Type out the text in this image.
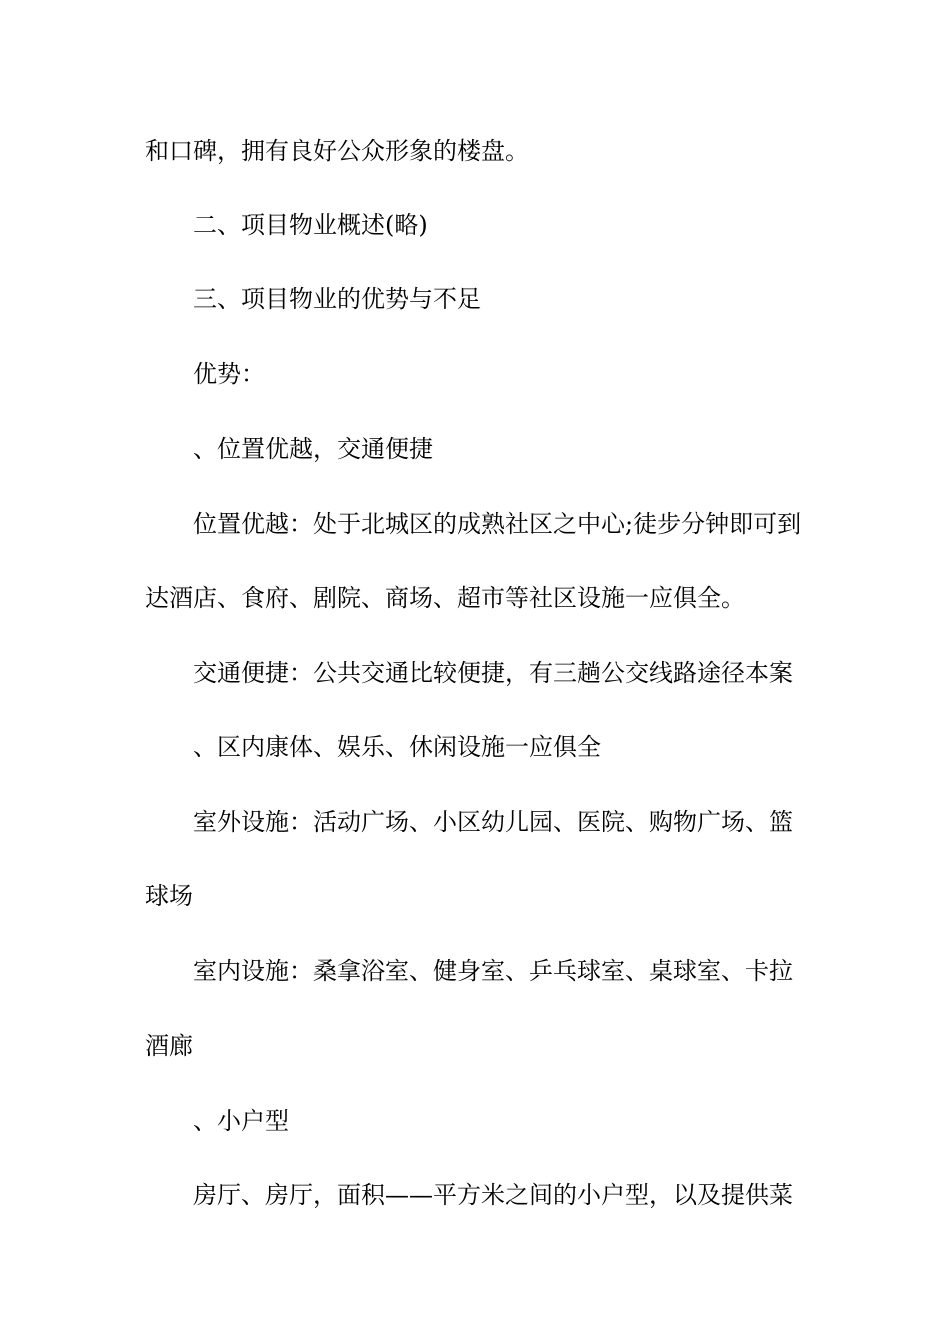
和口碑，拥有良好公众形象的楼盘。
二、项目物业概述(略)
三、项目物业的优势与不足
优势：
、位置优越，交通便捷
位置优越：处于北城区的成熟社区之中心;徒步分钟即可到
达酒店、食府、剧院、商场、超市等社区设施一应俱全。
交通便捷：公共交通比较便捷，有三趟公交线路途径本案
、区内康体、娱乐、休闲设施一应俱全
室外设施：活动广场、小区幼儿园、医院、购物广场、篮
球场
室内设施：桑拿浴室、健身室、乒乓球室、桌球室、卡拉
酒廊
、小户型
房厅、房厅，面积——平方米之间的小户型，以及提供菜
